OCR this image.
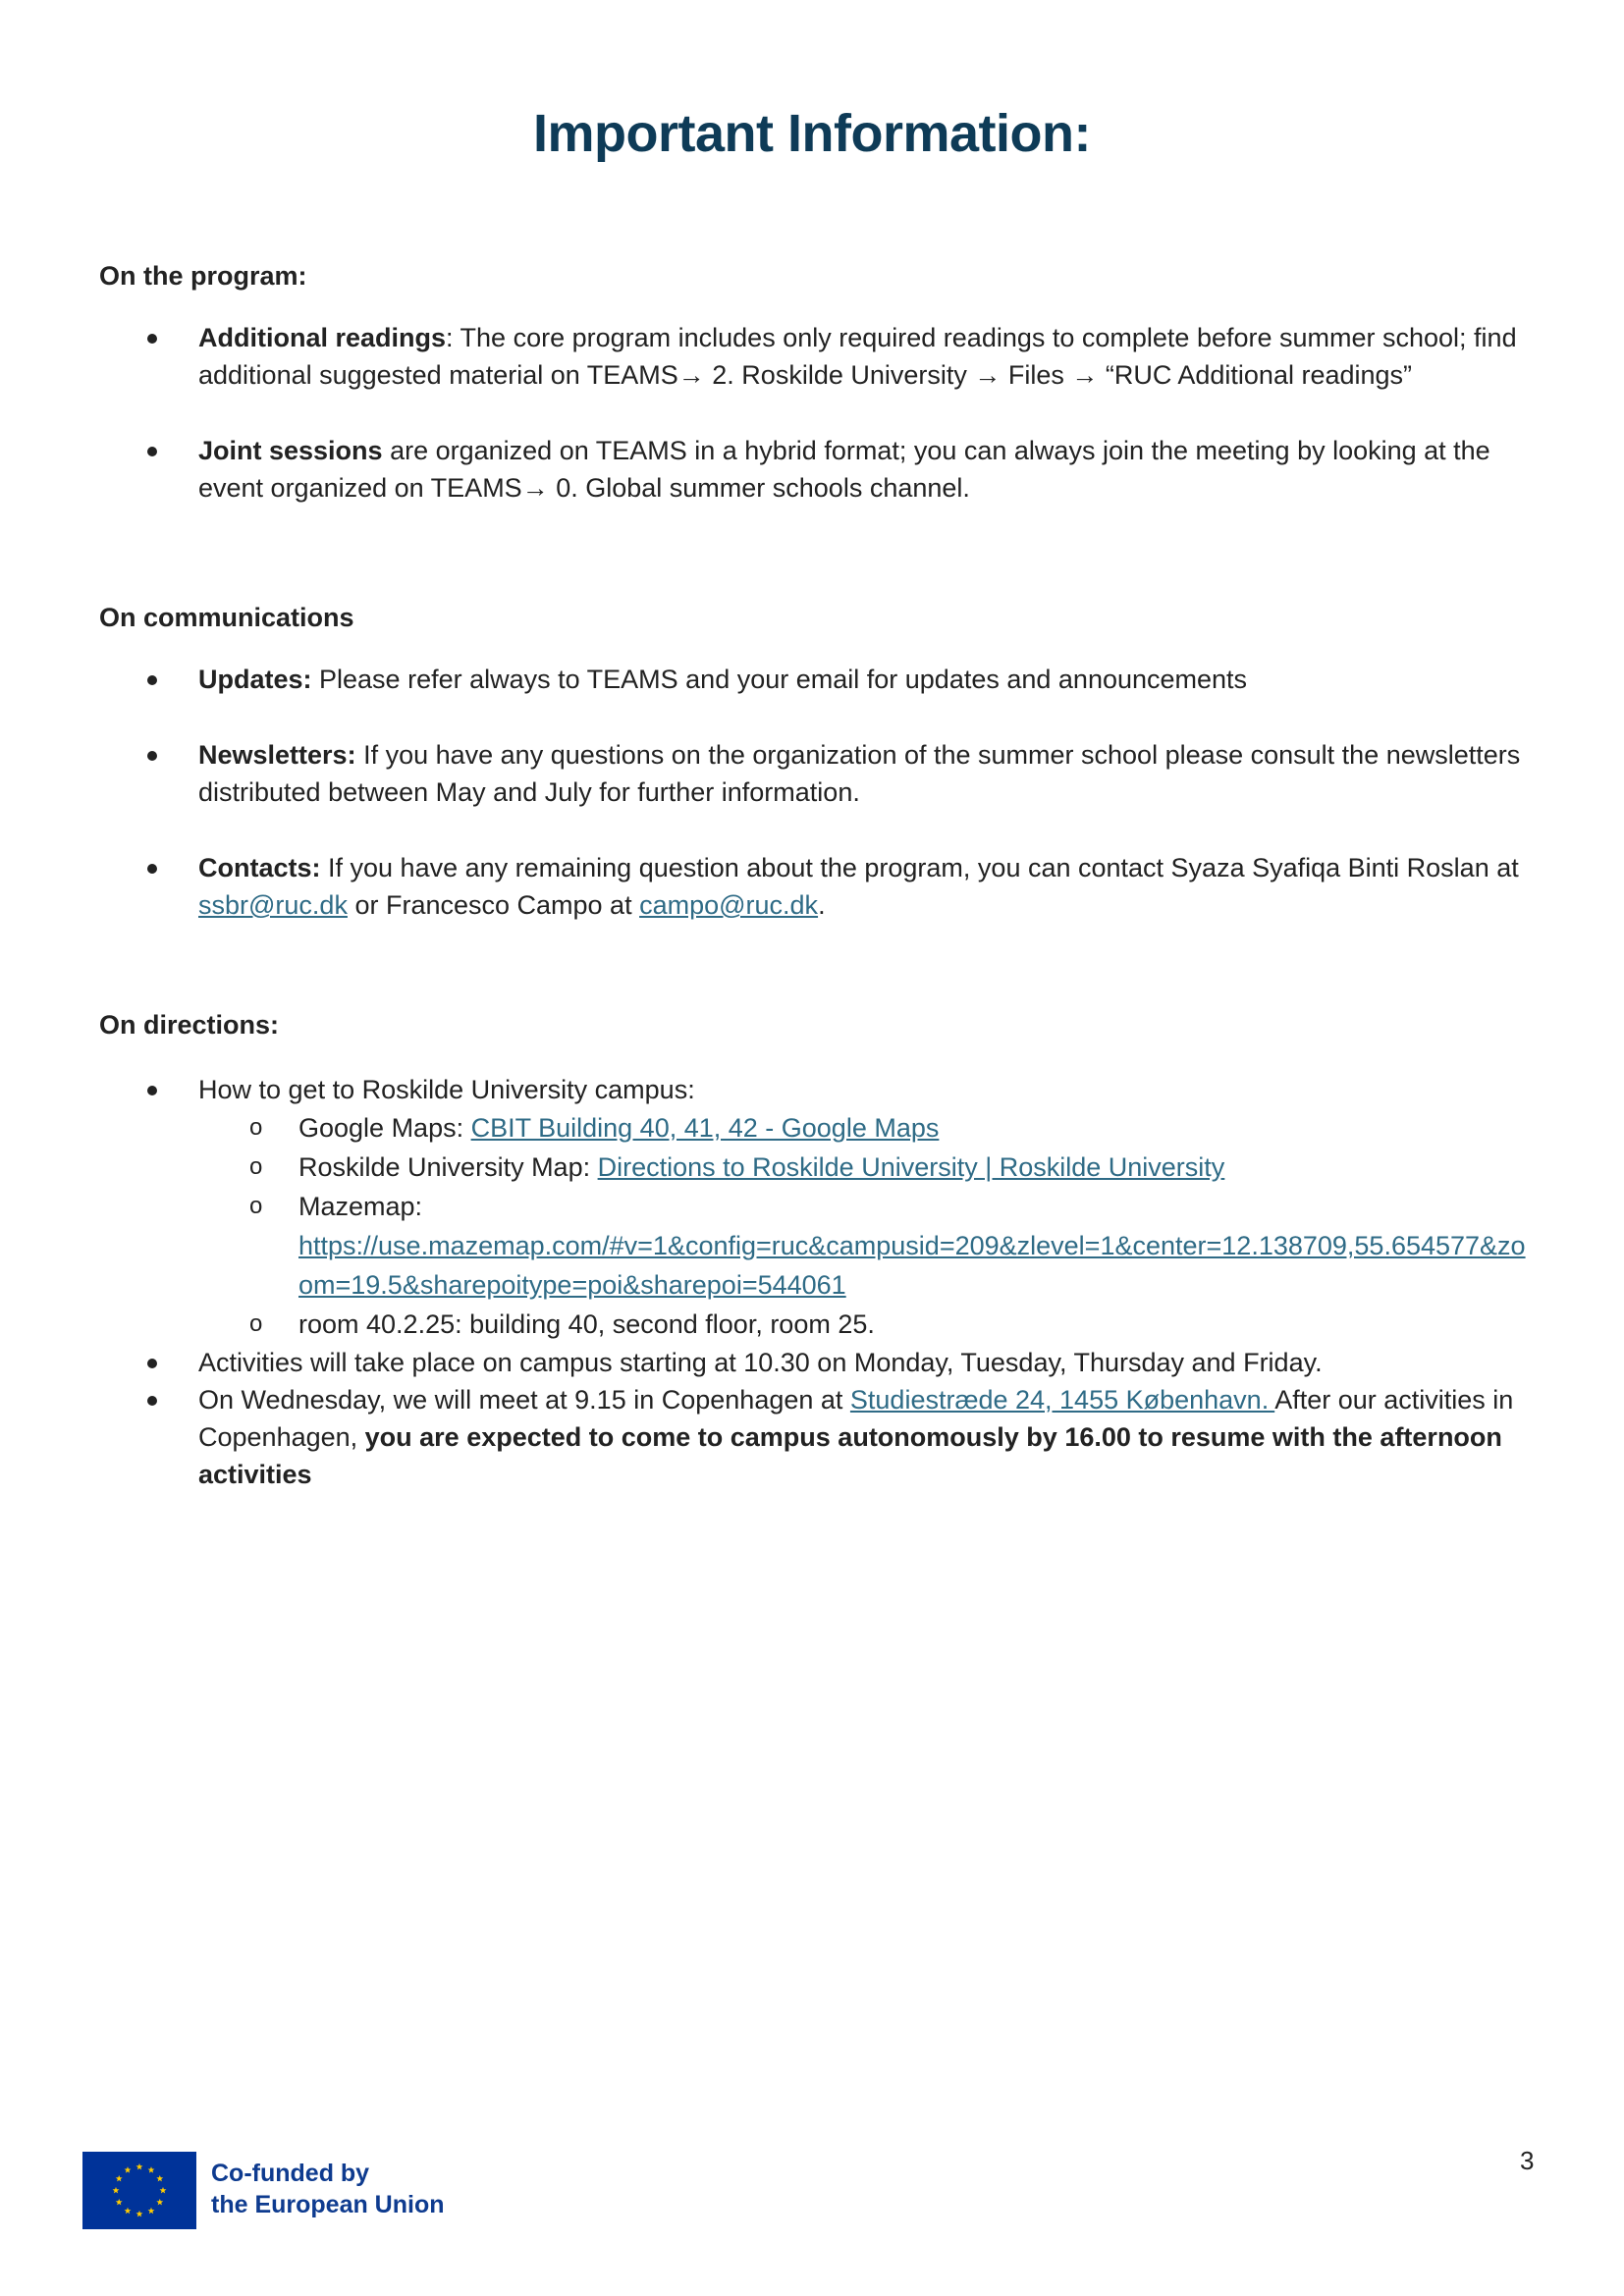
Important Information:
On the program:
Additional readings: The core program includes only required readings to complete before summer school; find additional suggested material on TEAMS→ 2. Roskilde University → Files → “RUC Additional readings”
Joint sessions are organized on TEAMS in a hybrid format; you can always join the meeting by looking at the event organized on TEAMS→ 0. Global summer schools channel.
On communications
Updates: Please refer always to TEAMS and your email for updates and announcements
Newsletters: If you have any questions on the organization of the summer school please consult the newsletters distributed between May and July for further information.
Contacts: If you have any remaining question about the program, you can contact Syaza Syafiqa Binti Roslan at ssbr@ruc.dk or Francesco Campo at campo@ruc.dk.
On directions:
How to get to Roskilde University campus:
o Google Maps: CBIT Building 40, 41, 42 - Google Maps
o Roskilde University Map: Directions to Roskilde University | Roskilde University
o Mazemap:
https://use.mazemap.com/#v=1&config=ruc&campusid=209&zlevel=1&center=12.138709,55.654577&zoom=19.5&sharepoitype=poi&sharepoi=544061
o room 40.2.25: building 40, second floor, room 25.
Activities will take place on campus starting at 10.30 on Monday, Tuesday, Thursday and Friday.
On Wednesday, we will meet at 9.15 in Copenhagen at Studiestræde 24, 1455 København. After our activities in Copenhagen, you are expected to come to campus autonomously by 16.00 to resume with the afternoon activities
Co-funded by
the European Union
3
